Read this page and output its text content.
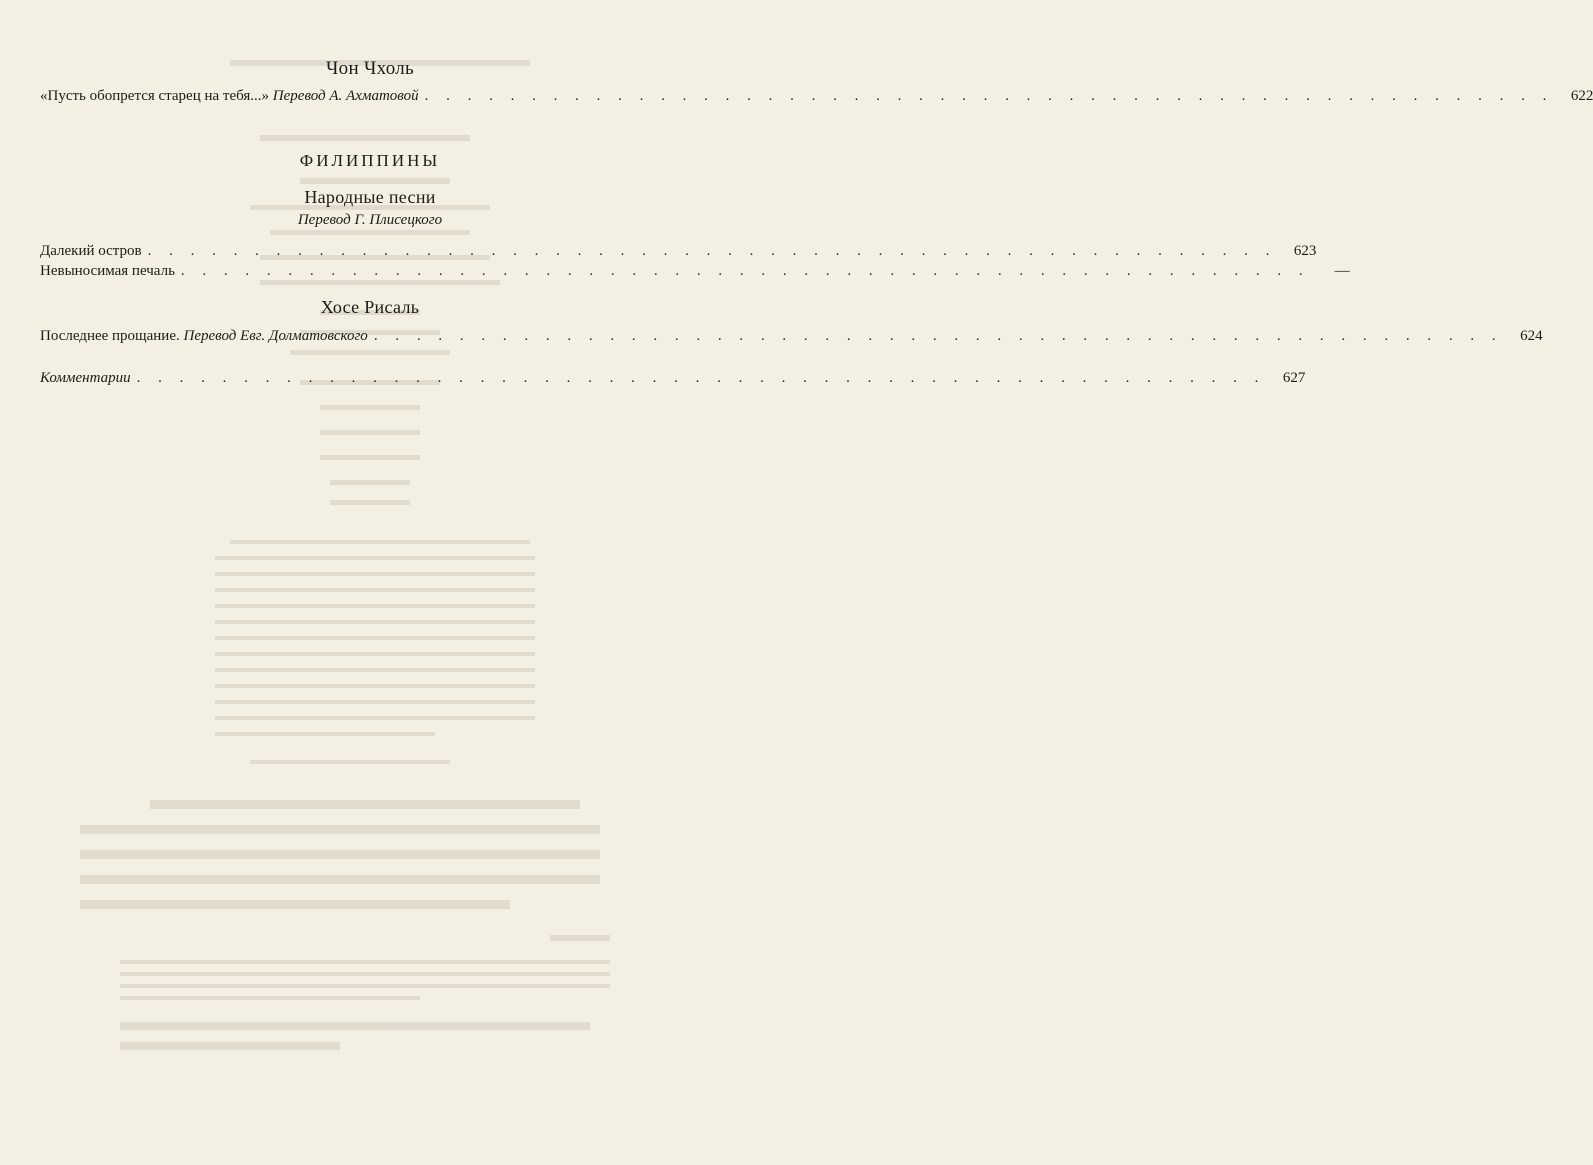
Чон Чхоль
«Пусть обопрется старец на тебя...» Перевод А. Ахматовой . . . . . . . . . . . . . . . . . . . . . . . . . . . . . . . . . . . . . . . . . . . . . . . . . . . . .	622
ФИЛИППИНЫ
Народные песни
Перевод Г. Плисецкого
Далекий остров . . . . . . . . . . . . . . . . . . . . . . . . . . . . . . . . . . . . . . . . . . . . . . . . . . . . .	623
Невыносимая печаль . . . . . . . . . . . . . . . . . . . . . . . . . . . . . . . . . . . . . . . . . . . . . . . . . . . . .	—
Хосе Рисаль
Последнее прощание. Перевод Евг. Долматовского . . . . . . . . . . . . . . . . . . . . . . . . . . . . . . . . . . . . . . . . . . . . . . . . . . . . .	624
Комментарии . . . . . . . . . . . . . . . . . . . . . . . . . . . . . . . . . . . . . . . . . . . . . . . . . . . . .	627
